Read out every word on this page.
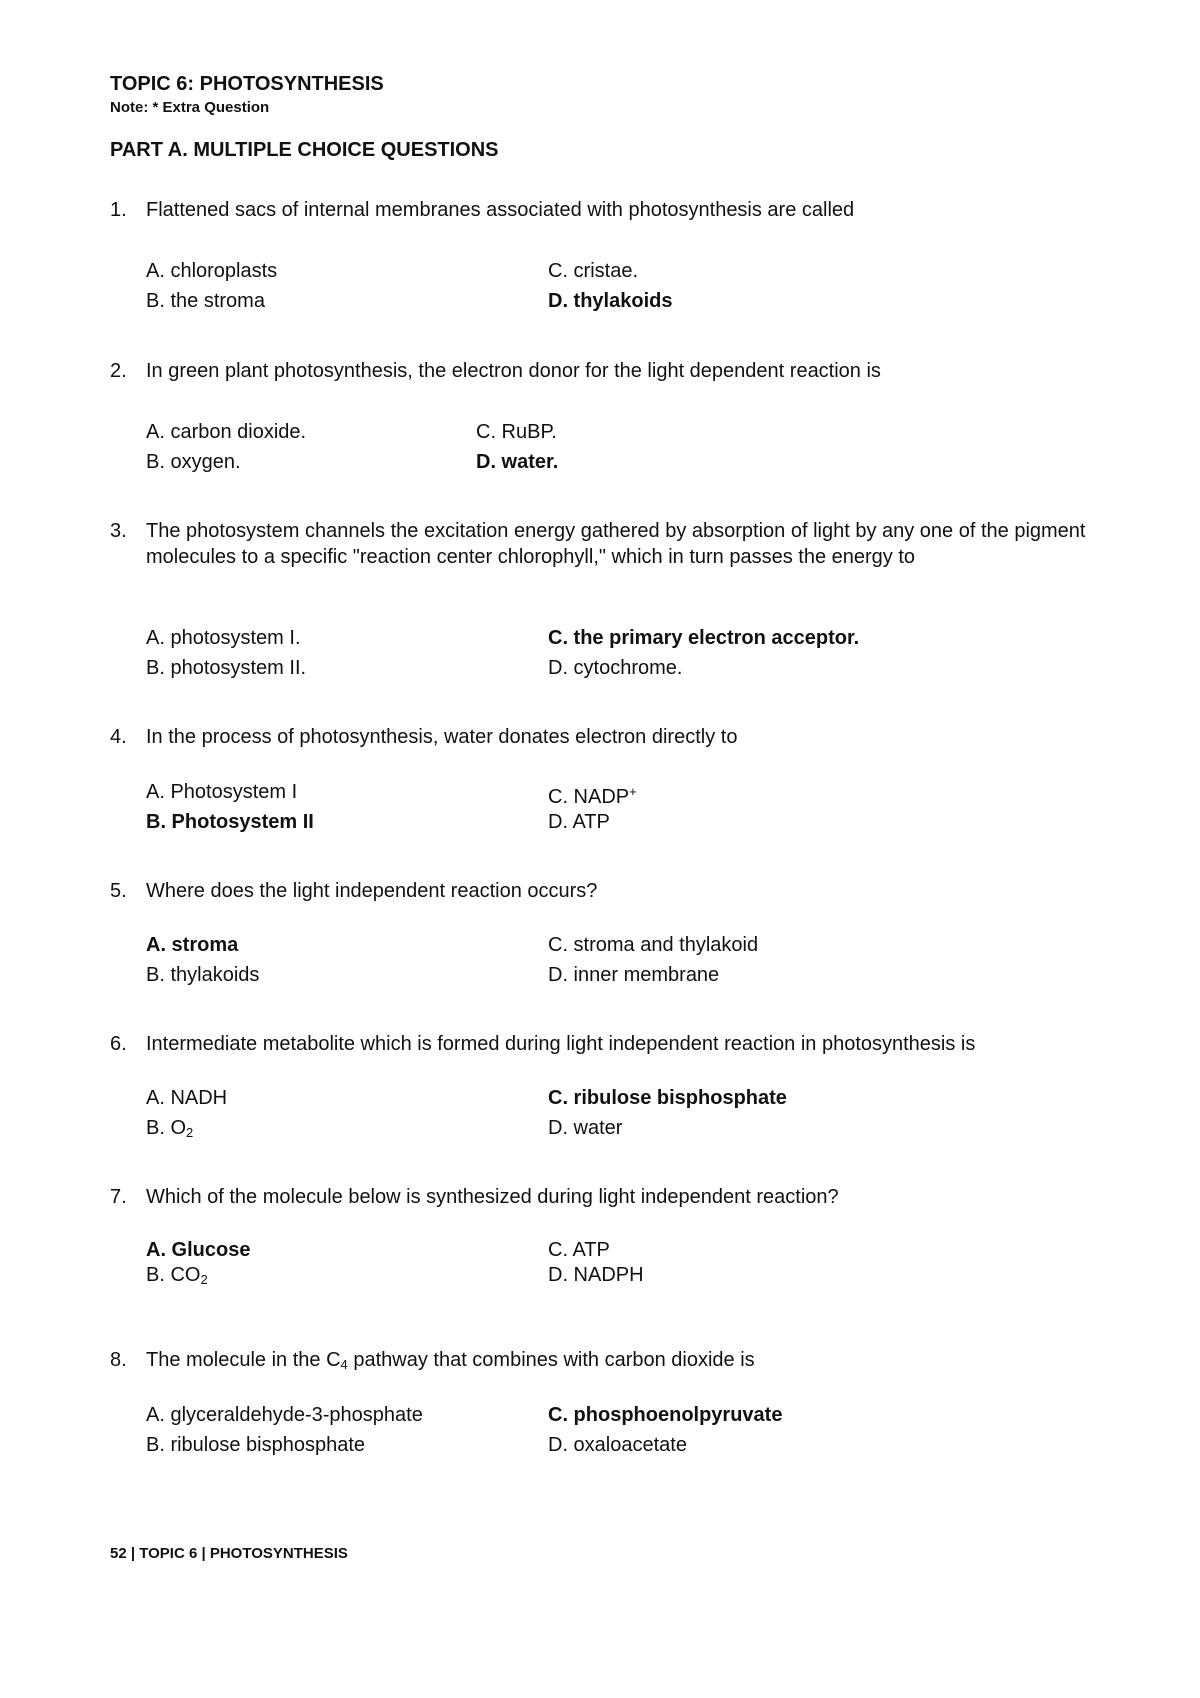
TOPIC 6: PHOTOSYNTHESIS
Note: * Extra Question
PART A. MULTIPLE CHOICE QUESTIONS
1. Flattened sacs of internal membranes associated with photosynthesis are called
A. chloroplasts
B. the stroma
C. cristae.
D. thylakoids
2. In green plant photosynthesis, the electron donor for the light dependent reaction is
A. carbon dioxide.
B. oxygen.
C. RuBP.
D. water.
3. The photosystem channels the excitation energy gathered by absorption of light by any one of the pigment molecules to a specific "reaction center chlorophyll," which in turn passes the energy to
A. photosystem I.
B. photosystem II.
C. the primary electron acceptor.
D. cytochrome.
4. In the process of photosynthesis, water donates electron directly to
A. Photosystem I
B. Photosystem II
C. NADP+
D. ATP
5. Where does the light independent reaction occurs?
A. stroma
B. thylakoids
C. stroma and thylakoid
D. inner membrane
6. Intermediate metabolite which is formed during light independent reaction in photosynthesis is
A. NADH
B. $O_2$
C. ribulose bisphosphate
D. water
7. Which of the molecule below is synthesized during light independent reaction?
A. Glucose
B. $CO_2$
C. ATP
D. NADPH
8. The molecule in the $C_4$ pathway that combines with carbon dioxide is
A. glyceraldehyde-3-phosphate
B. ribulose bisphosphate
C. phosphoenolpyruvate
D. oxaloacetate
52 | TOPIC 6 | PHOTOSYNTHESIS
